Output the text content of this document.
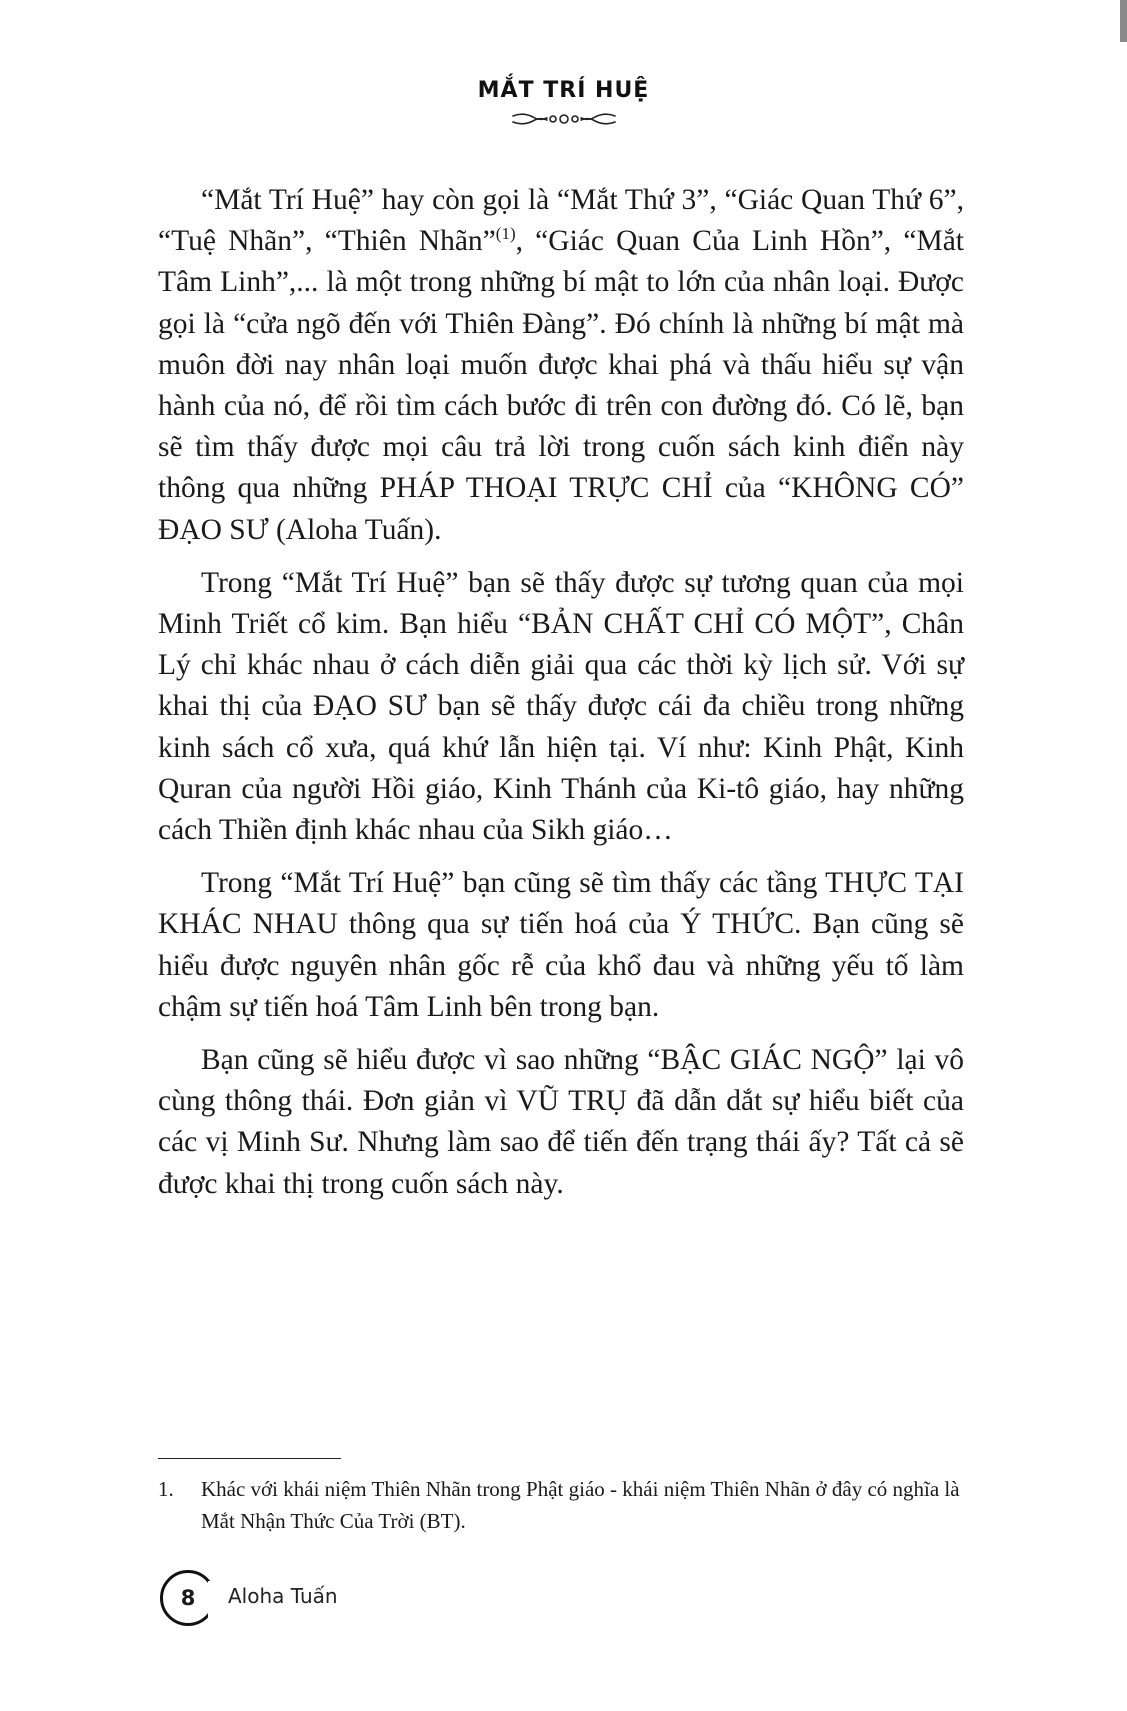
MẮT TRÍ HUỆ

“Mắt Trí Huệ” hay còn gọi là “Mắt Thứ 3”, “Giác Quan Thứ 6”, “Tuệ Nhãn”, “Thiên Nhãn”$^{(1)}$, “Giác Quan Của Linh Hồn”, “Mắt Tâm Linh”,... là một trong những bí mật to lớn của nhân loại. Được gọi là “cửa ngõ đến với Thiên Đàng”. Đó chính là những bí mật mà muôn đời nay nhân loại muốn được khai phá và thấu hiểu sự vận hành của nó, để rồi tìm cách bước đi trên con đường đó. Có lẽ, bạn sẽ tìm thấy được mọi câu trả lời trong cuốn sách kinh điển này thông qua những PHÁP THOẠI TRỰC CHỈ của “KHÔNG CÓ” ĐẠO SƯ (Aloha Tuấn).

Trong “Mắt Trí Huệ” bạn sẽ thấy được sự tương quan của mọi Minh Triết cổ kim. Bạn hiểu “BẢN CHẤT CHỈ CÓ MỘT”, Chân Lý chỉ khác nhau ở cách diễn giải qua các thời kỳ lịch sử. Với sự khai thị của ĐẠO SƯ bạn sẽ thấy được cái đa chiều trong những kinh sách cổ xưa, quá khứ lẫn hiện tại. Ví như: Kinh Phật, Kinh Quran của người Hồi giáo, Kinh Thánh của Ki-tô giáo, hay những cách Thiền định khác nhau của Sikh giáo…

Trong “Mắt Trí Huệ” bạn cũng sẽ tìm thấy các tầng THỰC TẠI KHÁC NHAU thông qua sự tiến hoá của Ý THỨC. Bạn cũng sẽ hiểu được nguyên nhân gốc rễ của khổ đau và những yếu tố làm chậm sự tiến hoá Tâm Linh bên trong bạn.

Bạn cũng sẽ hiểu được vì sao những “BẬC GIÁC NGỘ” lại vô cùng thông thái. Đơn giản vì VŨ TRỤ đã dẫn dắt sự hiểu biết của các vị Minh Sư. Nhưng làm sao để tiến đến trạng thái ấy? Tất cả sẽ được khai thị trong cuốn sách này.

1.	Khác với khái niệm Thiên Nhãn trong Phật giáo - khái niệm Thiên Nhãn ở đây có nghĩa là Mắt Nhận Thức Của Trời (BT).
8 Aloha Tuấn
